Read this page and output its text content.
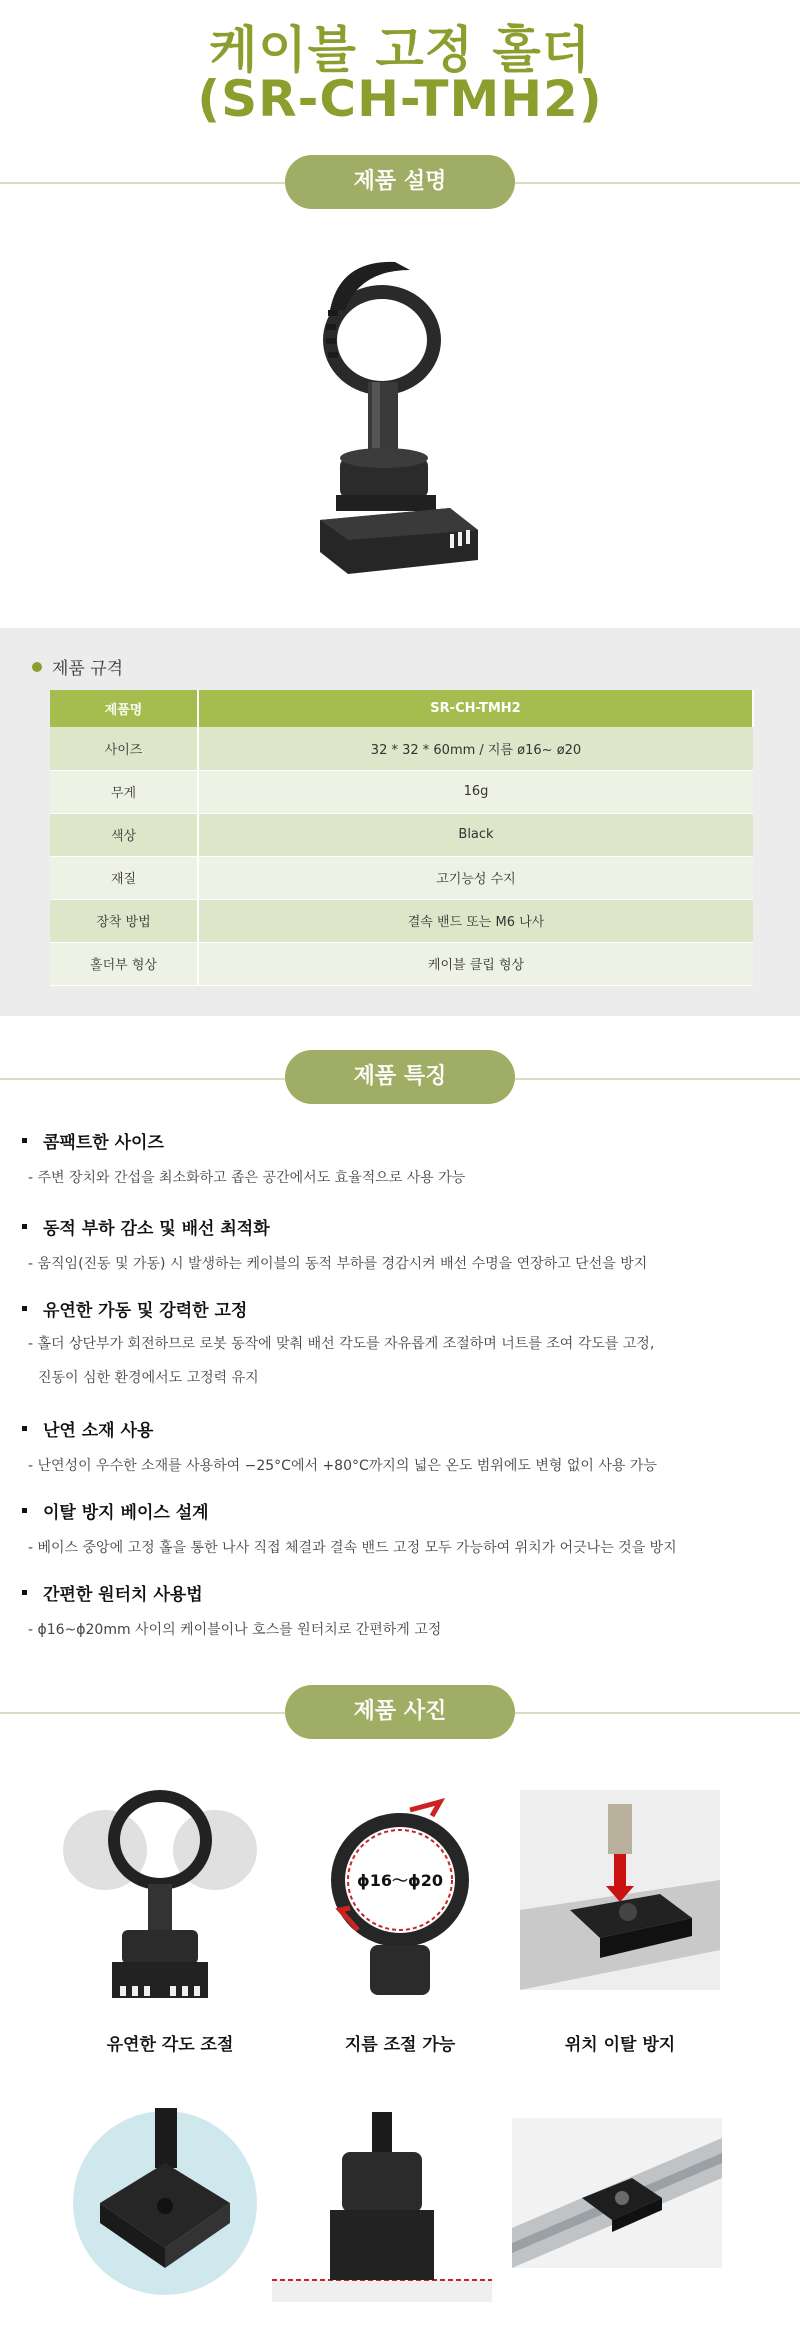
케이블 고정 홀더
(SR-CH-TMH2)
제품 설명
제품 규격
제품명	SR-CH-TMH2
사이즈	32 * 32 * 60mm / 지름 ø16~ ø20
무게	16g
색상	Black
재질	고기능성 수지
장착 방법	결속 밴드 또는 M6 나사
홀더부 형상	케이블 클립 형상
제품 특징
콤팩트한 사이즈

- 주변 장치와 간섭을 최소화하고 좁은 공간에서도 효율적으로 사용 가능

동적 부하 감소 및 배선 최적화

- 움직임(진동 및 가동) 시 발생하는 케이블의 동적 부하를 경감시켜 배선 수명을 연장하고 단선을 방지

유연한 가동 및 강력한 고정

- 홀더 상단부가 회전하므로 로봇 동작에 맞춰 배선 각도를 자유롭게 조절하며 너트를 조여 각도를 고정,

진동이 심한 환경에서도 고정력 유지

난연 소재 사용

- 난연성이 우수한 소재를 사용하여 −25°C에서 +80°C까지의 넓은 온도 범위에도 변형 없이 사용 가능

이탈 방지 베이스 설계

- 베이스 중앙에 고정 홀을 통한 나사 직접 체결과 결속 밴드 고정 모두 가능하여 위치가 어긋나는 것을 방지

간편한 원터치 사용법

- ϕ16~ϕ20mm 사이의 케이블이나 호스를 원터치로 간편하게 고정

제품 사진
유연한 각도 조절
ϕ16～ϕ20
지름 조절 가능	위치 이탈 방지
